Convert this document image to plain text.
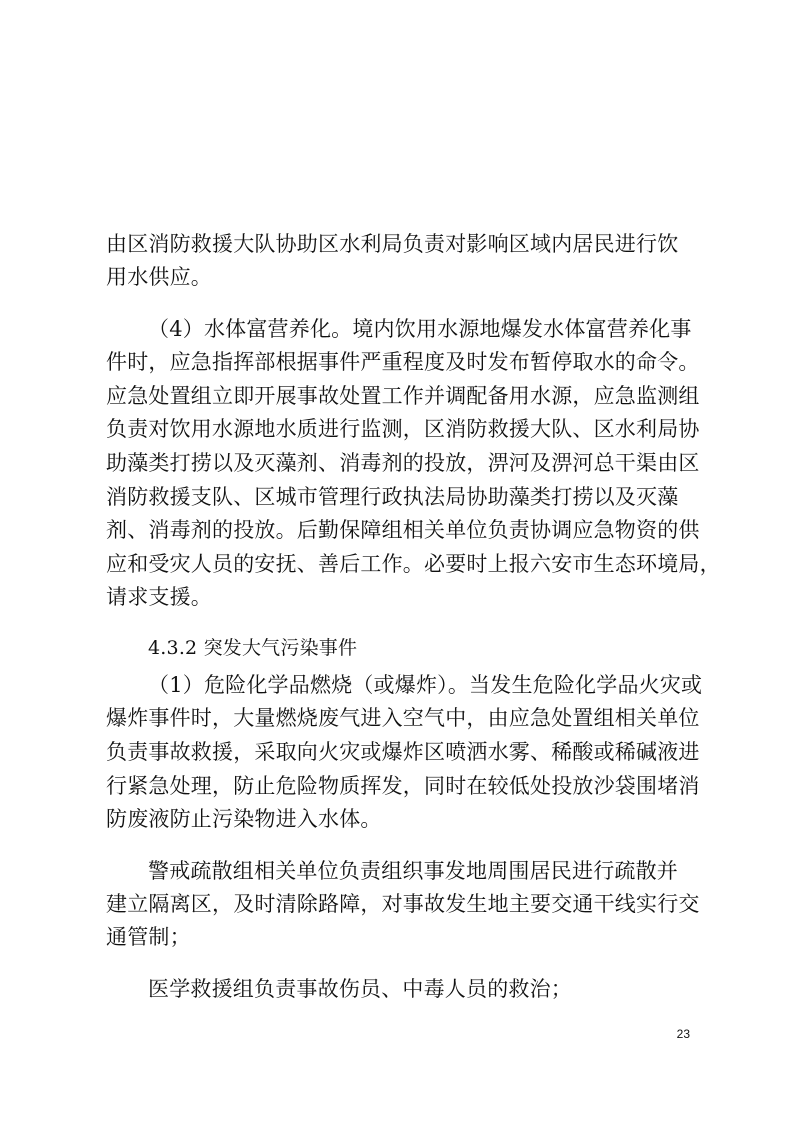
由区消防救援大队协助区水利局负责对影响区域内居民进行饮
用水供应。
（4）水体富营养化。境内饮用水源地爆发水体富营养化事
件时，应急指挥部根据事件严重程度及时发布暂停取水的命令。
应急处置组立即开展事故处置工作并调配备用水源，应急监测组
负责对饮用水源地水质进行监测，区消防救援大队、区水利局协
助藻类打捞以及灭藻剂、消毒剂的投放，淠河及淠河总干渠由区
消防救援支队、区城市管理行政执法局协助藻类打捞以及灭藻
剂、消毒剂的投放。后勤保障组相关单位负责协调应急物资的供
应和受灾人员的安抚、善后工作。必要时上报六安市生态环境局，
请求支援。
4.3.2 突发大气污染事件
（1）危险化学品燃烧（或爆炸）。当发生危险化学品火灾或
爆炸事件时，大量燃烧废气进入空气中，由应急处置组相关单位
负责事故救援，采取向火灾或爆炸区喷洒水雾、稀酸或稀碱液进
行紧急处理，防止危险物质挥发，同时在较低处投放沙袋围堵消
防废液防止污染物进入水体。
警戒疏散组相关单位负责组织事发地周围居民进行疏散并
建立隔离区，及时清除路障，对事故发生地主要交通干线实行交
通管制；
医学救援组负责事故伤员、中毒人员的救治；
23
